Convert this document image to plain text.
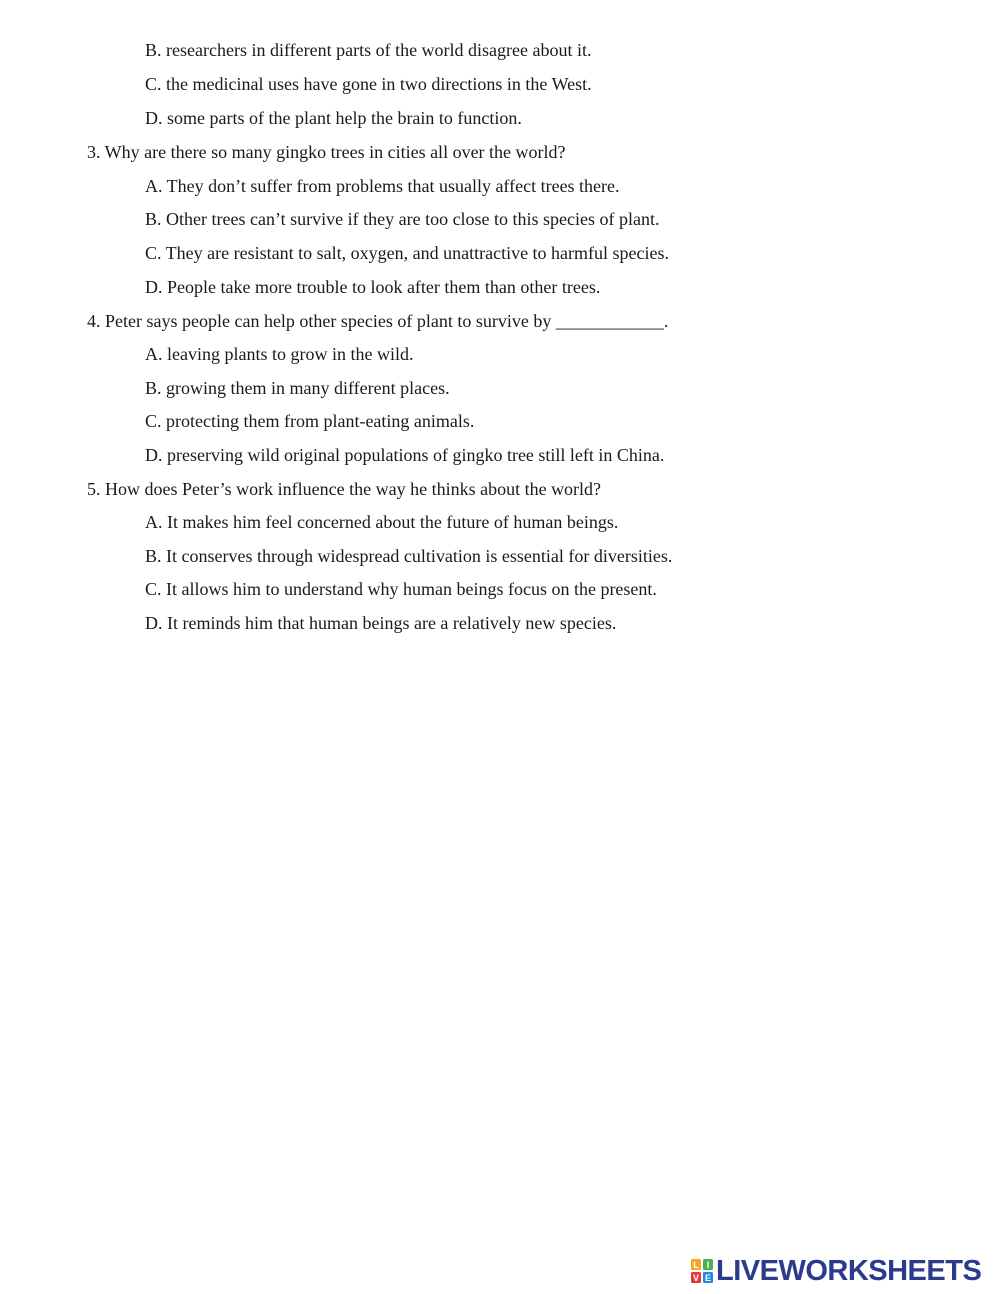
B. researchers in different parts of the world disagree about it.
C. the medicinal uses have gone in two directions in the West.
D. some parts of the plant help the brain to function.
3. Why are there so many gingko trees in cities all over the world?
A. They don’t suffer from problems that usually affect trees there.
B. Other trees can’t survive if they are too close to this species of plant.
C. They are resistant to salt, oxygen, and unattractive to harmful species.
D. People take more trouble to look after them than other trees.
4. Peter says people can help other species of plant to survive by ____________.
A. leaving plants to grow in the wild.
B. growing them in many different places.
C. protecting them from plant-eating animals.
D. preserving wild original populations of gingko tree still left in China.
5. How does Peter’s work influence the way he thinks about the world?
A. It makes him feel concerned about the future of human beings.
B. It conserves through widespread cultivation is essential for diversities.
C. It allows him to understand why human beings focus on the present.
D. It reminds him that human beings are a relatively new species.
L I
V E LIVEWORKSHEETS
